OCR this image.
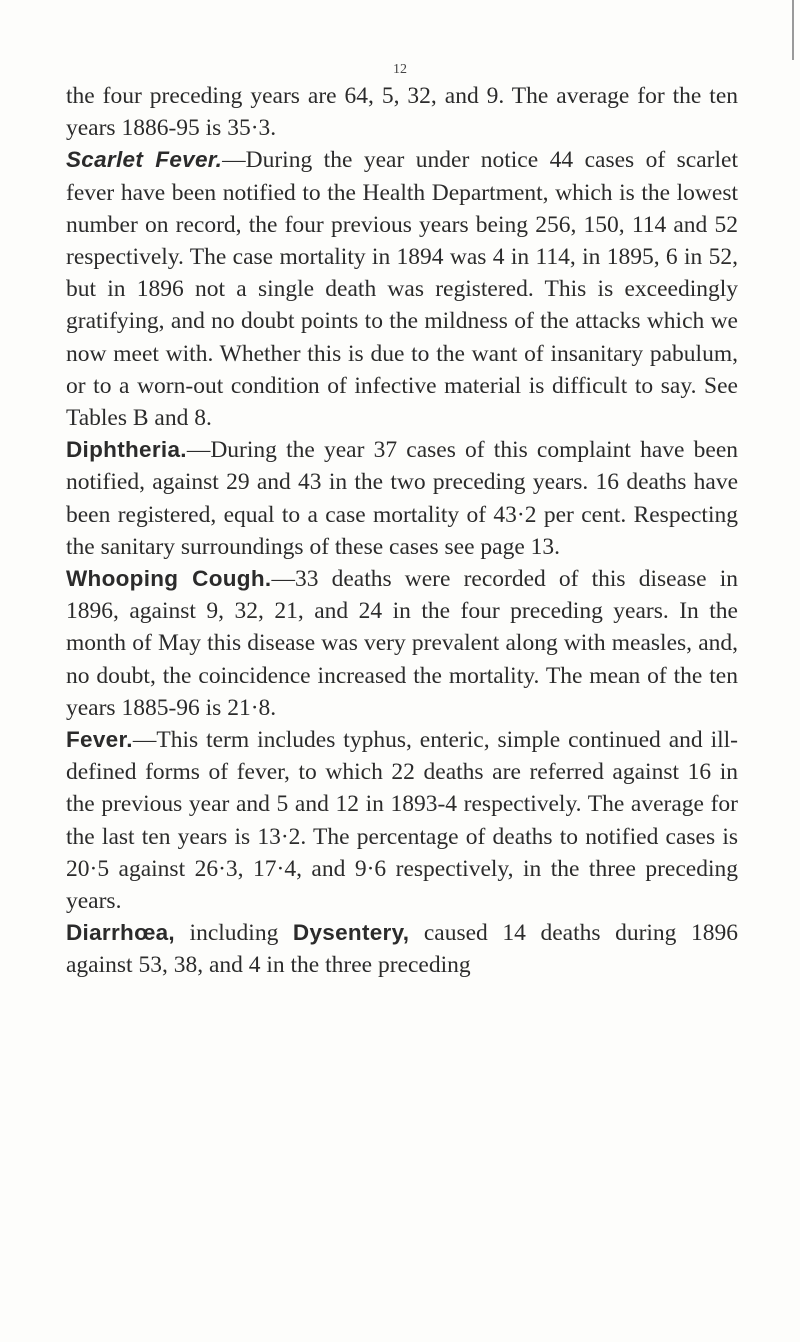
12

the four preceding years are 64, 5, 32, and 9. The average for the ten years 1886-95 is 35·3.

Scarlet Fever.—During the year under notice 44 cases of scarlet fever have been notified to the Health Department, which is the lowest number on record, the four previous years being 256, 150, 114 and 52 respectively. The case mortality in 1894 was 4 in 114, in 1895, 6 in 52, but in 1896 not a single death was registered. This is exceedingly gratifying, and no doubt points to the mildness of the attacks which we now meet with. Whether this is due to the want of insanitary pabulum, or to a worn-out condition of infective material is difficult to say. See Tables B and 8.

Diphtheria.—During the year 37 cases of this complaint have been notified, against 29 and 43 in the two preceding years. 16 deaths have been registered, equal to a case mortality of 43·2 per cent. Respecting the sanitary surroundings of these cases see page 13.

Whooping Cough.—33 deaths were recorded of this disease in 1896, against 9, 32, 21, and 24 in the four preceding years. In the month of May this disease was very prevalent along with measles, and, no doubt, the coincidence increased the mortality. The mean of the ten years 1885-96 is 21·8.

Fever.—This term includes typhus, enteric, simple continued and ill-defined forms of fever, to which 22 deaths are referred against 16 in the previous year and 5 and 12 in 1893-4 respectively. The average for the last ten years is 13·2. The percentage of deaths to notified cases is 20·5 against 26·3, 17·4, and 9·6 respectively, in the three preceding years.

Diarrhœa, including Dysentery, caused 14 deaths during 1896 against 53, 38, and 4 in the three preceding
